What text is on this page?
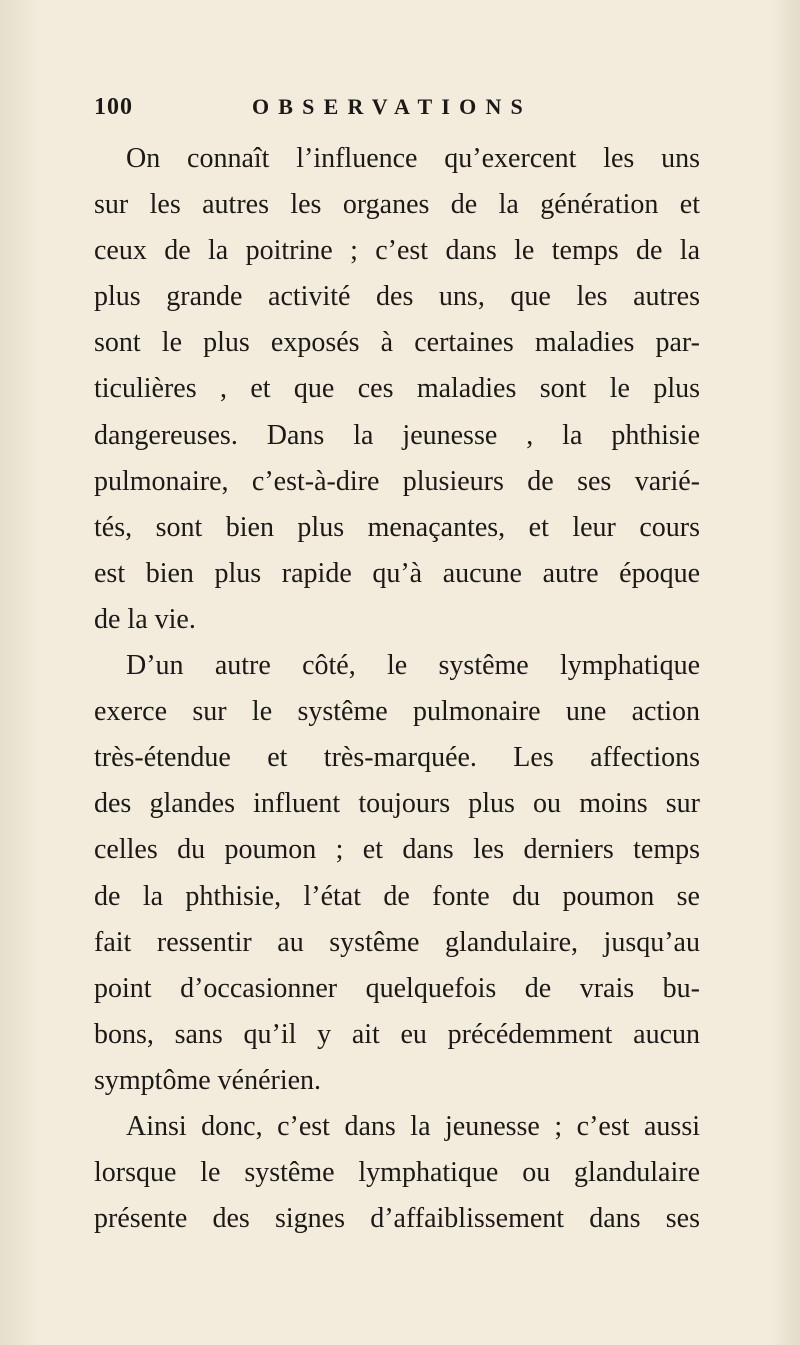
100	OBSERVATIONS
On connaît l’influence qu’exercent les uns
sur les autres les organes de la génération et
ceux de la poitrine ; c’est dans le temps de la
plus grande activité des uns, que les autres
sont le plus exposés à certaines maladies par-
ticulières , et que ces maladies sont le plus
dangereuses. Dans la jeunesse , la phthisie
pulmonaire, c’est-à-dire plusieurs de ses varié-
tés, sont bien plus menaçantes, et leur cours
est bien plus rapide qu’à aucune autre époque
de la vie.
D’un autre côté, le systême lymphatique
exerce sur le systême pulmonaire une action
très-étendue et très-marquée. Les affections
des glandes influent toujours plus ou moins sur
celles du poumon ; et dans les derniers temps
de la phthisie, l’état de fonte du poumon se
fait ressentir au systême glandulaire, jusqu’au
point d’occasionner quelquefois de vrais bu-
bons, sans qu’il y ait eu précédemment aucun
symptôme vénérien.
Ainsi donc, c’est dans la jeunesse ; c’est aussi
lorsque le systême lymphatique ou glandulaire
présente des signes d’affaiblissement dans ses
